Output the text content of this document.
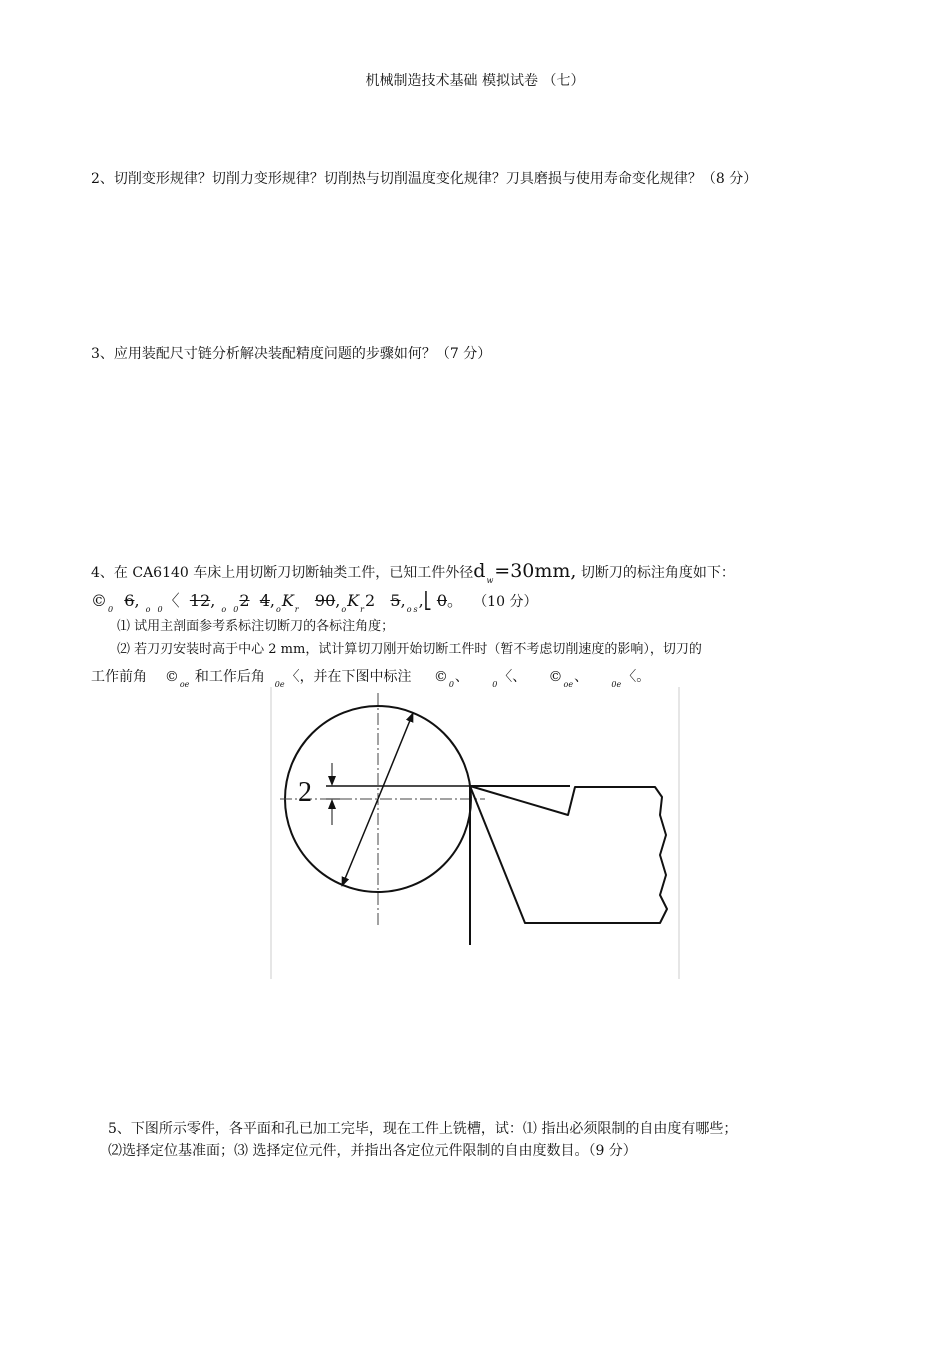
机械制造技术基础 模拟试卷 （七）
2、切削变形规律？切削力变形规律？切削热与切削温度变化规律？刀具磨损与使用寿命变化规律？（8 分）
3、应用装配尺寸链分析解决装配精度问题的步骤如何？（7 分）
4、在 CA6140 车床上用切断刀切断轴类工件，已知工件外径$d_w=30mm$, 切断刀的标注角度如下：
$©_0$ 6, $_o$ $_0$〈 12, $_o$ $_0$2 $4,_oK_r$ $90,_oK_r2$ $5,_o$ $_s$,⎣ 0。  （10 分）
⑴ 试用主剖面参考系标注切断刀的各标注角度；
⑵ 若刀刃安装时高于中心 2 mm，试计算切刀刚开始切断工件时（暂不考虑切削速度的影响），切刀的
工作前角 $©_{oe}$ 和工作后角 $_{0e}$〈，并在下图中标注 $©_0$、	$_0$〈、 $©_{oe}$、	$_{0e}$〈。
2
5、下图所示零件，各平面和孔已加工完毕，现在工件上铣槽，试：⑴ 指出必须限制的自由度有哪些；
⑵选择定位基准面；⑶ 选择定位元件，并指出各定位元件限制的自由度数目。（9 分）
